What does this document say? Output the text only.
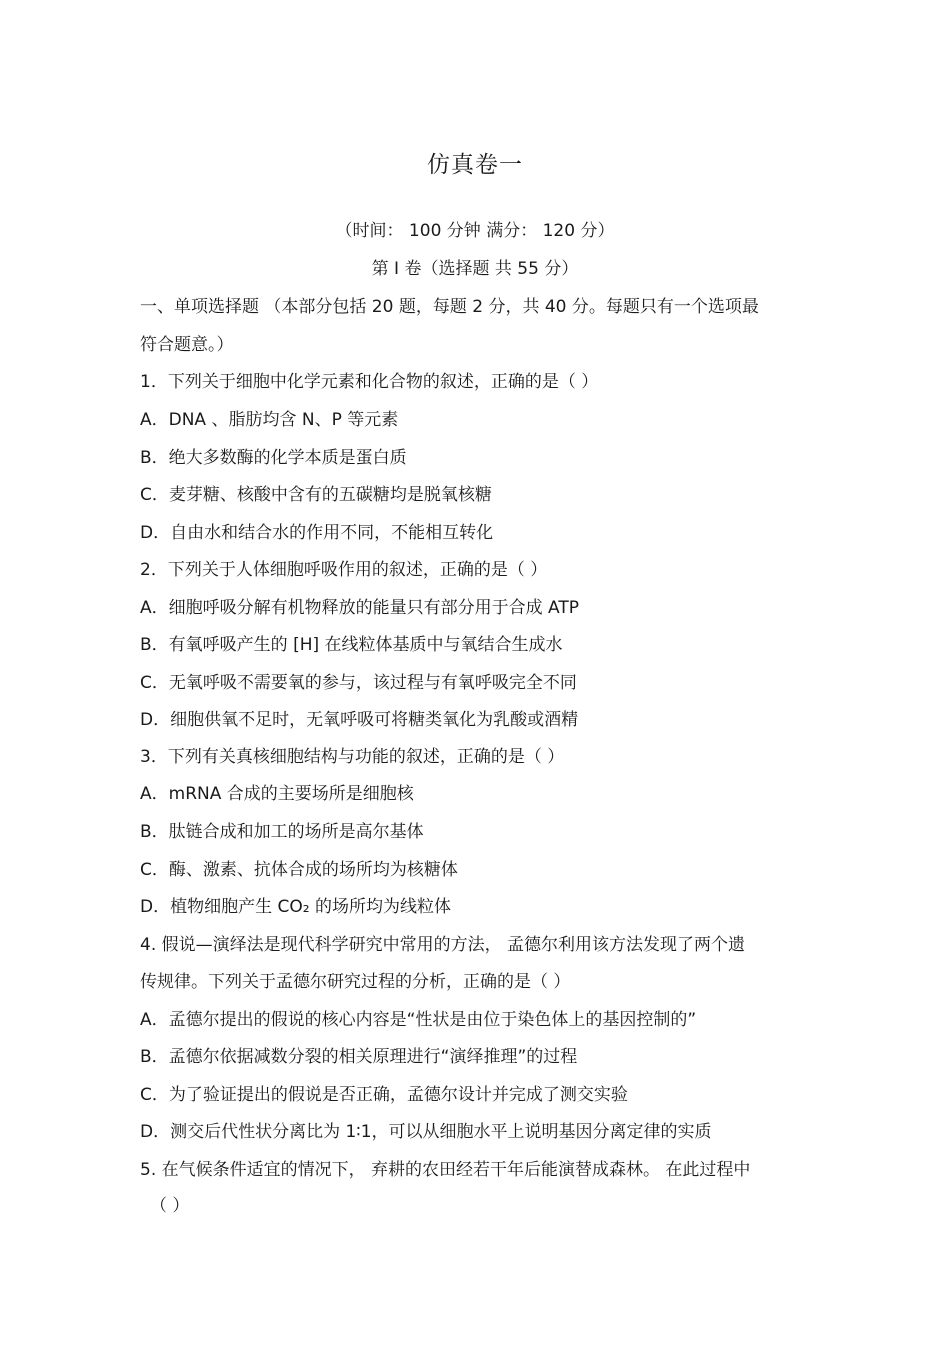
仿真卷一
（时间： 100 分钟 满分： 120 分）
第 I 卷（选择题 共 55 分）
一、单项选择题 （本部分包括 20 题，每题 2 分，共 40 分。每题只有一个选项最
符合题意。）
1．下列关于细胞中化学元素和化合物的叙述，正确的是（ ）
A．DNA 、脂肪均含 N、P 等元素
B．绝大多数酶的化学本质是蛋白质
C．麦芽糖、核酸中含有的五碳糖均是脱氧核糖
D．自由水和结合水的作用不同，不能相互转化
2．下列关于人体细胞呼吸作用的叙述，正确的是（ ）
A．细胞呼吸分解有机物释放的能量只有部分用于合成 ATP
B．有氧呼吸产生的 [H] 在线粒体基质中与氧结合生成水
C．无氧呼吸不需要氧的参与，该过程与有氧呼吸完全不同
D．细胞供氧不足时，无氧呼吸可将糖类氧化为乳酸或酒精
3．下列有关真核细胞结构与功能的叙述，正确的是（ ）
A．mRNA 合成的主要场所是细胞核
B．肽链合成和加工的场所是高尔基体
C．酶、激素、抗体合成的场所均为核糖体
D．植物细胞产生 CO₂ 的场所均为线粒体
4. 假说—演绎法是现代科学研究中常用的方法， 孟德尔利用该方法发现了两个遗
传规律。下列关于孟德尔研究过程的分析，正确的是（ ）
A．孟德尔提出的假说的核心内容是“性状是由位于染色体上的基因控制的”
B．孟德尔依据减数分裂的相关原理进行“演绎推理”的过程
C．为了验证提出的假说是否正确，孟德尔设计并完成了测交实验
D．测交后代性状分离比为 1∶1，可以从细胞水平上说明基因分离定律的实质
5. 在气候条件适宜的情况下， 弃耕的农田经若干年后能演替成森林。 在此过程中
（ ）
